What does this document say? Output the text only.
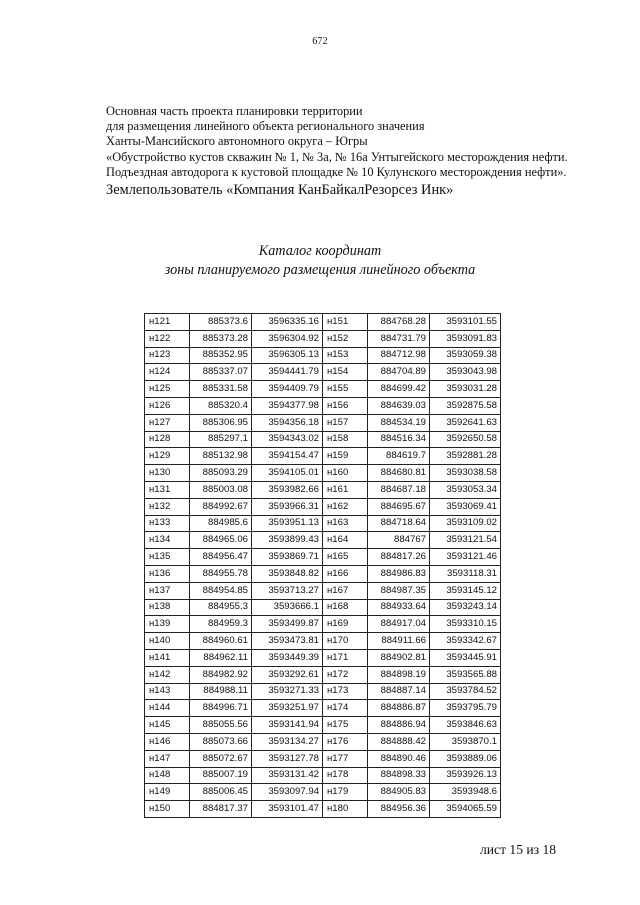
672
Основная часть проекта планировки территории
для размещения линейного объекта регионального значения
Ханты-Мансийского автономного округа – Югры
«Обустройство кустов скважин № 1, № 3а, № 16а Унтыгейского месторождения нефти.
Подъездная автодорога к кустовой площадке № 10 Кулунского месторождения нефти».
Землепользователь «Компания КанБайкалРезорсез Инк»
Каталог координат
зоны планируемого размещения линейного объекта
н121	885373.6	3596335.16	н151	884768.28	3593101.55
н122	885373.28	3596304.92	н152	884731.79	3593091.83
н123	885352.95	3596305.13	н153	884712.98	3593059.38
н124	885337.07	3594441.79	н154	884704.89	3593043.98
н125	885331.58	3594409.79	н155	884699.42	3593031.28
н126	885320.4	3594377.98	н156	884639.03	3592875.58
н127	885306.95	3594356.18	н157	884534.19	3592641.63
н128	885297.1	3594343.02	н158	884516.34	3592650.58
н129	885132.98	3594154.47	н159	884619.7	3592881.28
н130	885093.29	3594105.01	н160	884680.81	3593038.58
н131	885003.08	3593982.66	н161	884687.18	3593053.34
н132	884992.67	3593966.31	н162	884695.67	3593069.41
н133	884985.6	3593951.13	н163	884718.64	3593109.02
н134	884965.06	3593899.43	н164	884767	3593121.54
н135	884956.47	3593869.71	н165	884817.26	3593121.46
н136	884955.78	3593848.82	н166	884986.83	3593118.31
н137	884954.85	3593713.27	н167	884987.35	3593145.12
н138	884955.3	3593666.1	н168	884933.64	3593243.14
н139	884959.3	3593499.87	н169	884917.04	3593310.15
н140	884960.61	3593473.81	н170	884911.66	3593342.67
н141	884962.11	3593449.39	н171	884902.81	3593445.91
н142	884982.92	3593292.61	н172	884898.19	3593565.88
н143	884988.11	3593271.33	н173	884887.14	3593784.52
н144	884996.71	3593251.97	н174	884886.87	3593795.79
н145	885055.56	3593141.94	н175	884886.94	3593846.63
н146	885073.66	3593134.27	н176	884888.42	3593870.1
н147	885072.67	3593127.78	н177	884890.46	3593889.06
н148	885007.19	3593131.42	н178	884898.33	3593926.13
н149	885006.45	3593097.94	н179	884905.83	3593948.6
н150	884817.37	3593101.47	н180	884956.36	3594065.59
лист 15 из 18
